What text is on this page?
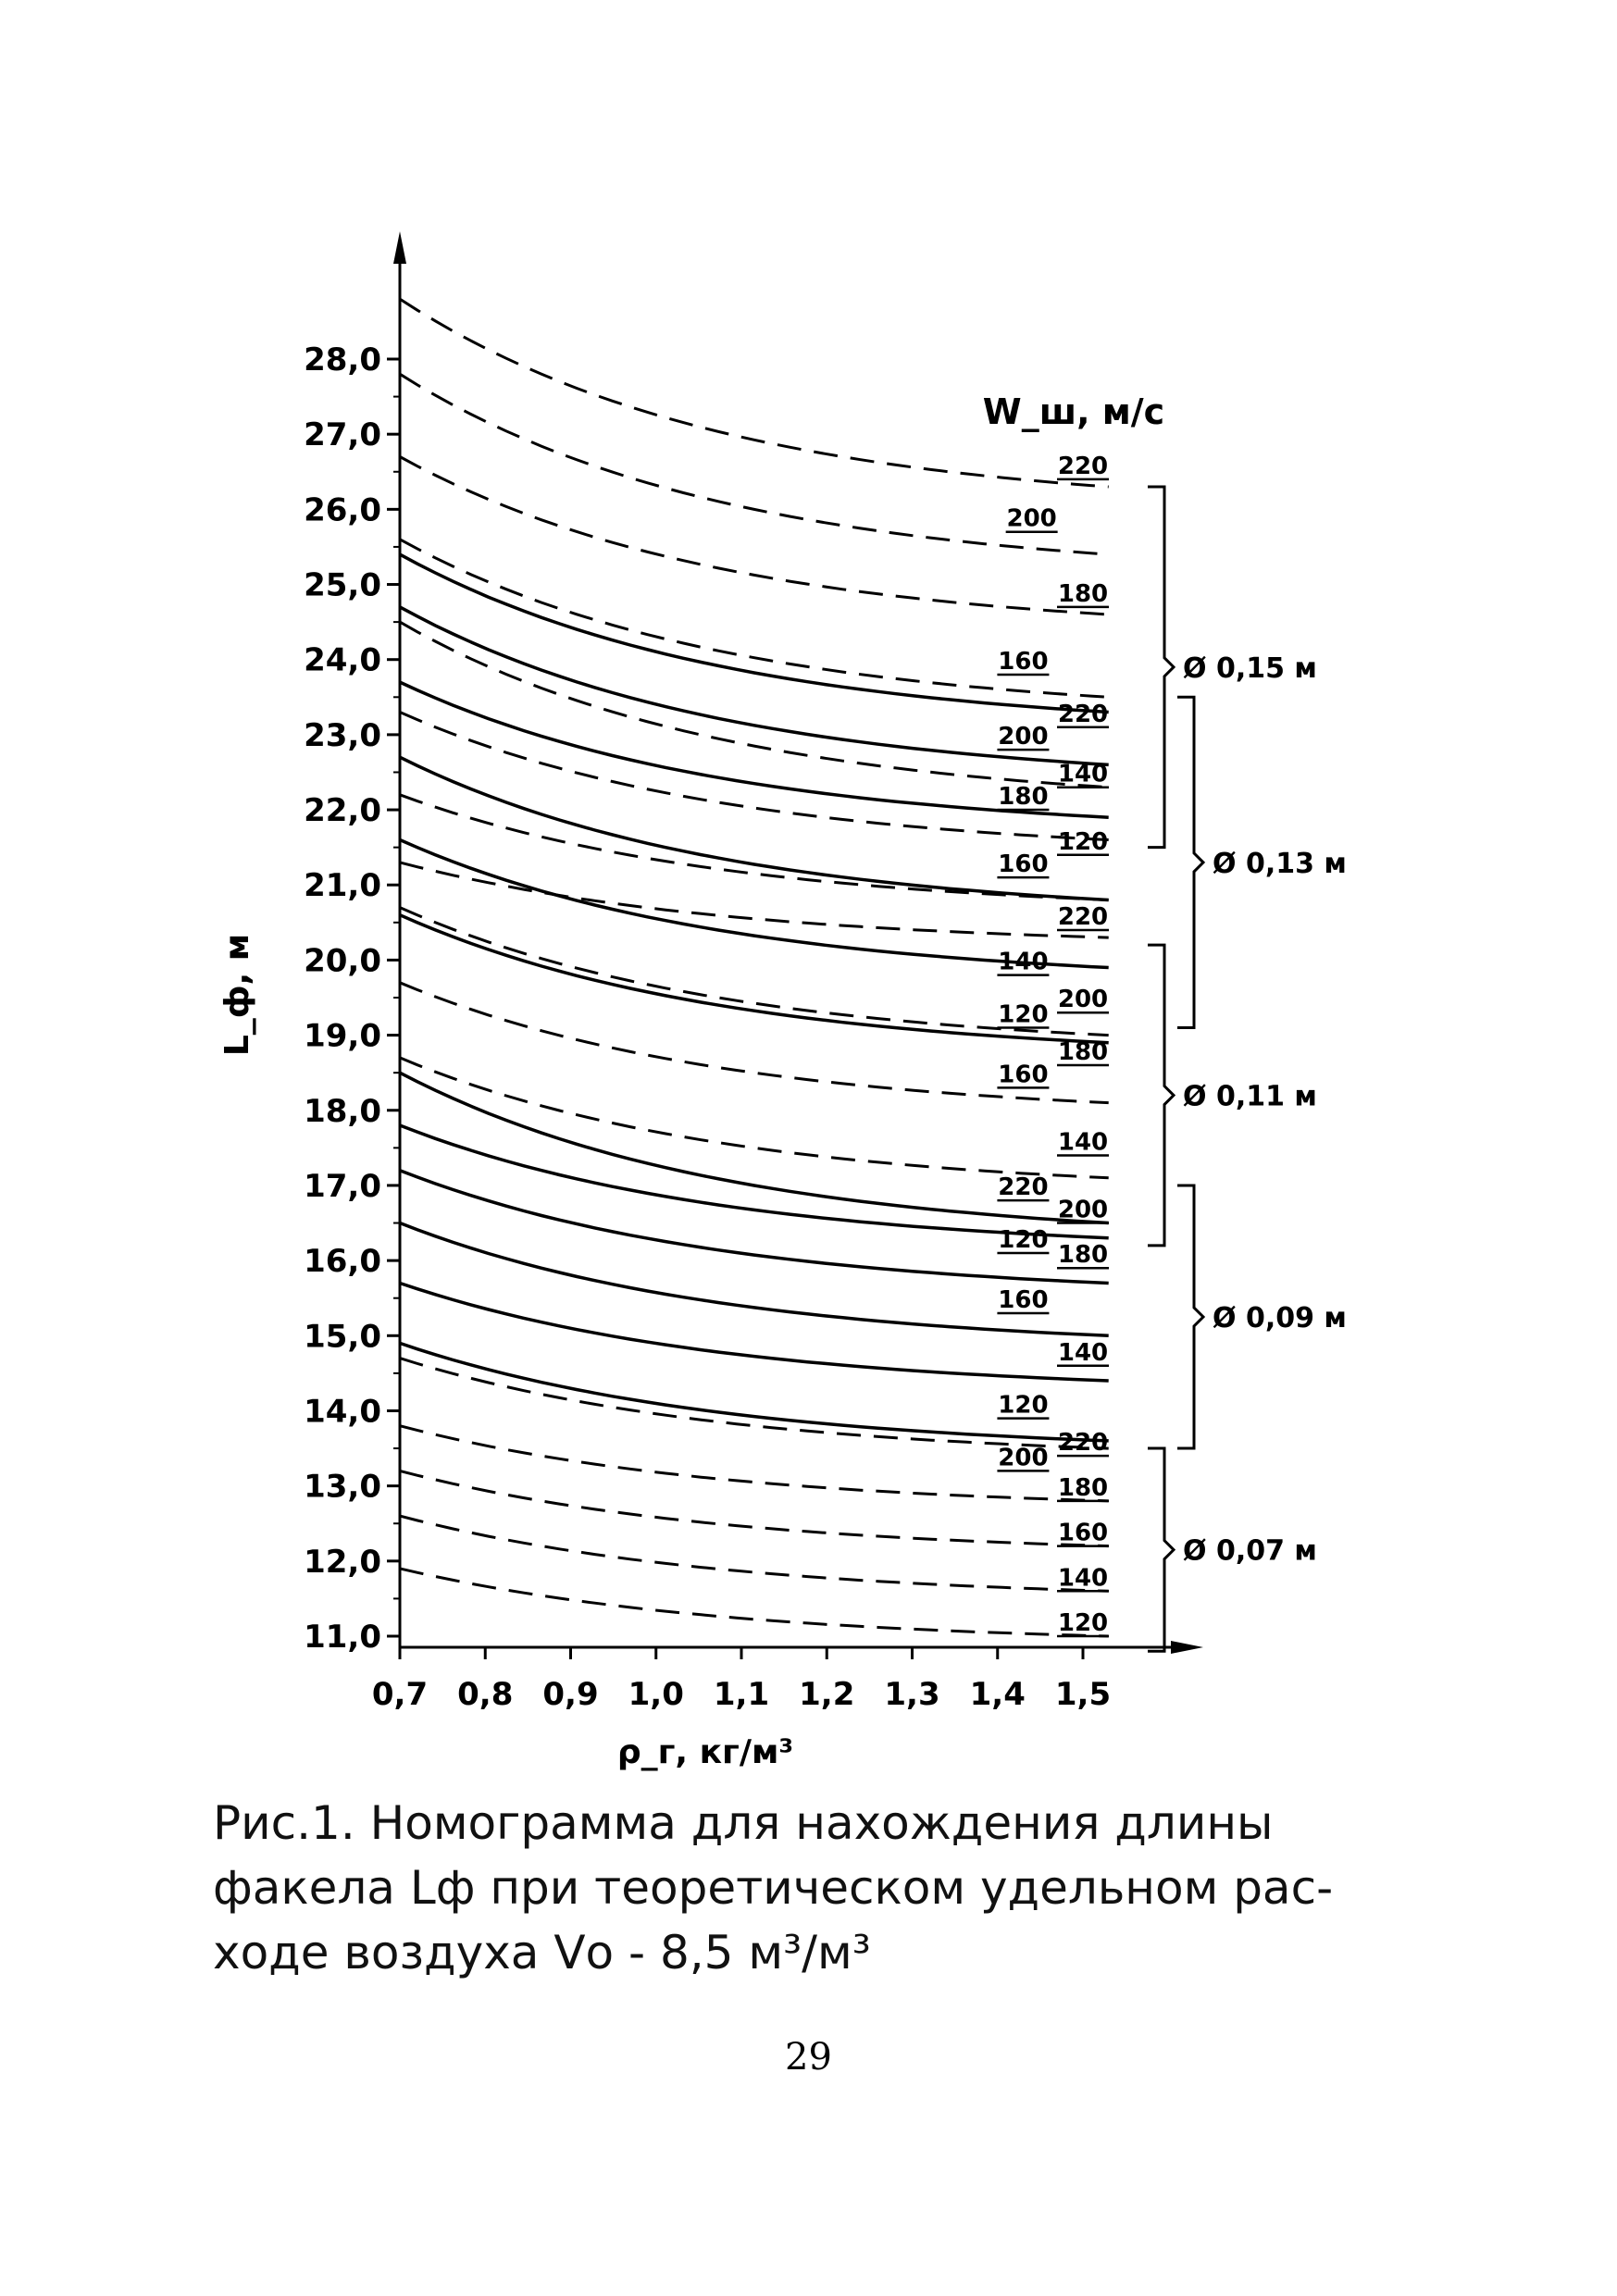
11,0
12,0
13,0
14,0
15,0
16,0
17,0
18,0
19,0
20,0
21,0
22,0
23,0
24,0
25,0
26,0
27,0
28,0
0,7 0,8 0,9 1,0 1,1 1,2 1,3 1,4 1,5
220
200
180
160
220
200
140
180
120
160
220
140
200
120
180
160
140
220
200
120
180
160
140
120
220
200
180
160
140
120
Ø 0,15 м
Ø 0,13 м
Ø 0,11 м
Ø 0,09 м
Ø 0,07 м
L_ф, м
ρ_г, кг/м³
W_ш, м/с
Рис.1. Номограмма для нахождения длины
факела Lф при теоретическом удельном рас-
ходе воздуха Vо - 8,5 м³/м³
29
